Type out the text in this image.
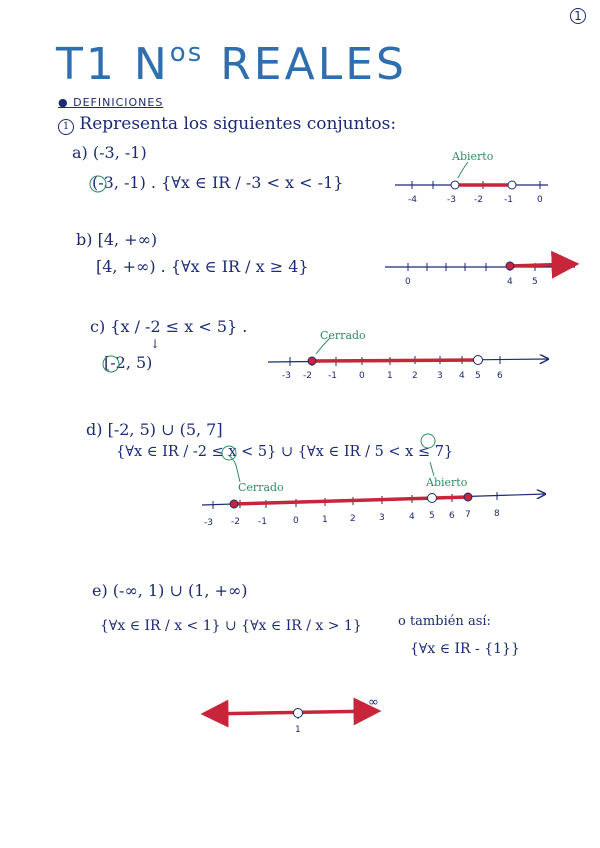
1
T1 $N^{os}$ REALES
● DEFINICIONES
1 Representa los siguientes conjuntos:
a) (-3, -1)
(-3, -1) . {∀x ∈ IR / -3 < x < -1}
Abierto
b) [4, +∞)
[4, +∞) . {∀x ∈ IR / x ≥ 4}
c) {x / -2 ≤ x < 5} .
↓
[-2, 5)
Cerrado
d) [-2, 5) ∪ (5, 7]
{∀x ∈ IR / -2 ≤ x < 5} ∪ {∀x ∈ IR / 5 < x ≤ 7}
Cerrado	Abierto
e) (-∞, 1) ∪ (1, +∞)
{∀x ∈ IR / x < 1} ∪ {∀x ∈ IR / x > 1}	o también así:
{∀x ∈ IR - {1}}
-4	-3 -2 -1	0
0	4 5
-3 -2 -1 0 1 2 3 4 5 6
-3 -2 -1	0	1 2	3	4 5 6 7	8
1
∞
